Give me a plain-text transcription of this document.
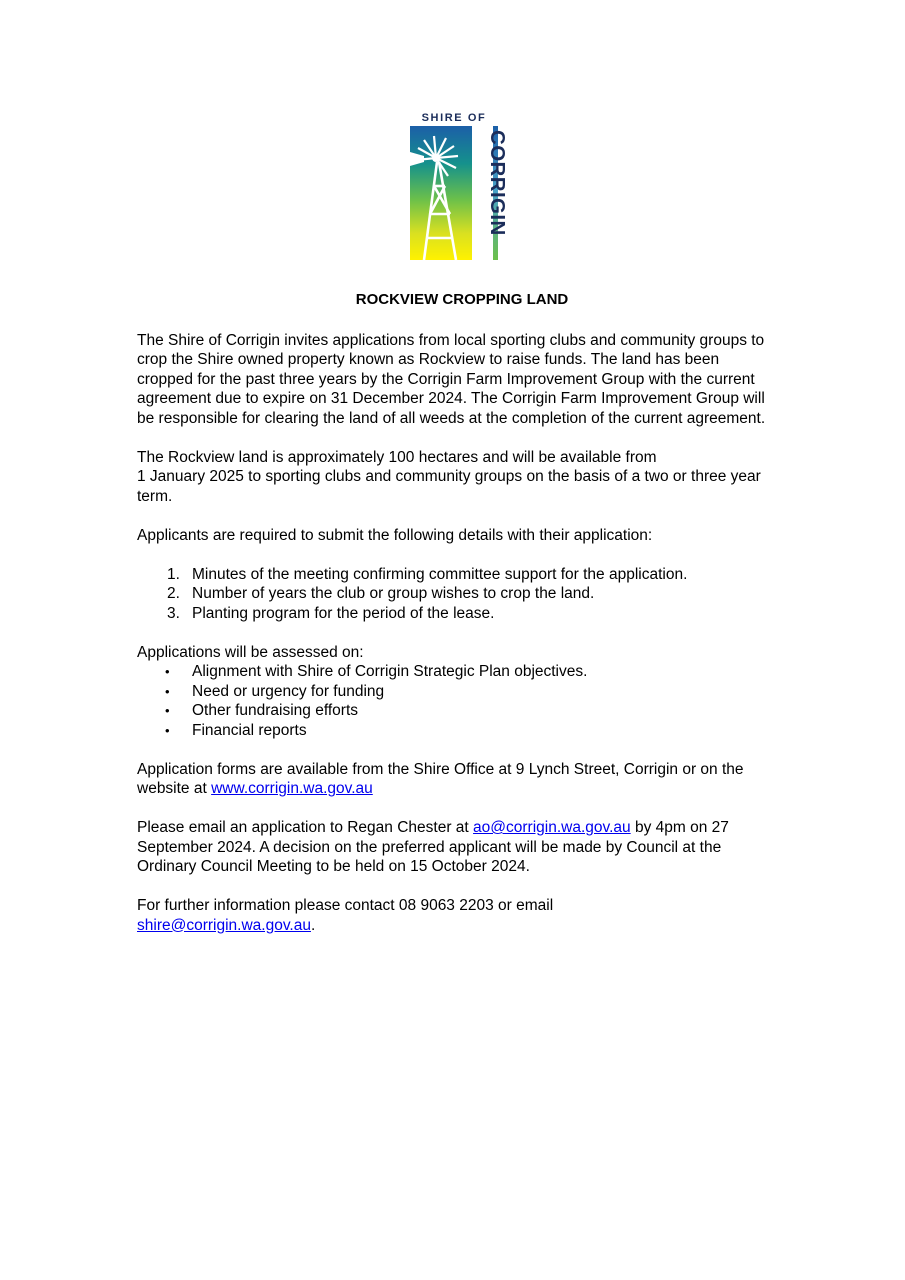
SHIRE OF
CORRIGIN
ROCKVIEW CROPPING LAND

The Shire of Corrigin invites applications from local sporting clubs and community groups to crop the Shire owned property known as Rockview to raise funds. The land has been cropped for the past three years by the Corrigin Farm Improvement Group with the current agreement due to expire on 31 December 2024. The Corrigin Farm Improvement Group will be responsible for clearing the land of all weeds at the completion of the current agreement.

The Rockview land is approximately 100 hectares and will be available from
1 January 2025 to sporting clubs and community groups on the basis of a two or three year term.

Applicants are required to submit the following details with their application:

1. Minutes of the meeting confirming committee support for the application.
2. Number of years the club or group wishes to crop the land.
3. Planting program for the period of the lease.

Applications will be assessed on:

• Alignment with Shire of Corrigin Strategic Plan objectives.
• Need or urgency for funding
• Other fundraising efforts
• Financial reports

Application forms are available from the Shire Office at 9 Lynch Street, Corrigin or on the website at www.corrigin.wa.gov.au

Please email an application to Regan Chester at ao@corrigin.wa.gov.au by 4pm on 27 September 2024. A decision on the preferred applicant will be made by Council at the Ordinary Council Meeting to be held on 15 October 2024.

For further information please contact 08 9063 2203 or email
shire@corrigin.wa.gov.au.
